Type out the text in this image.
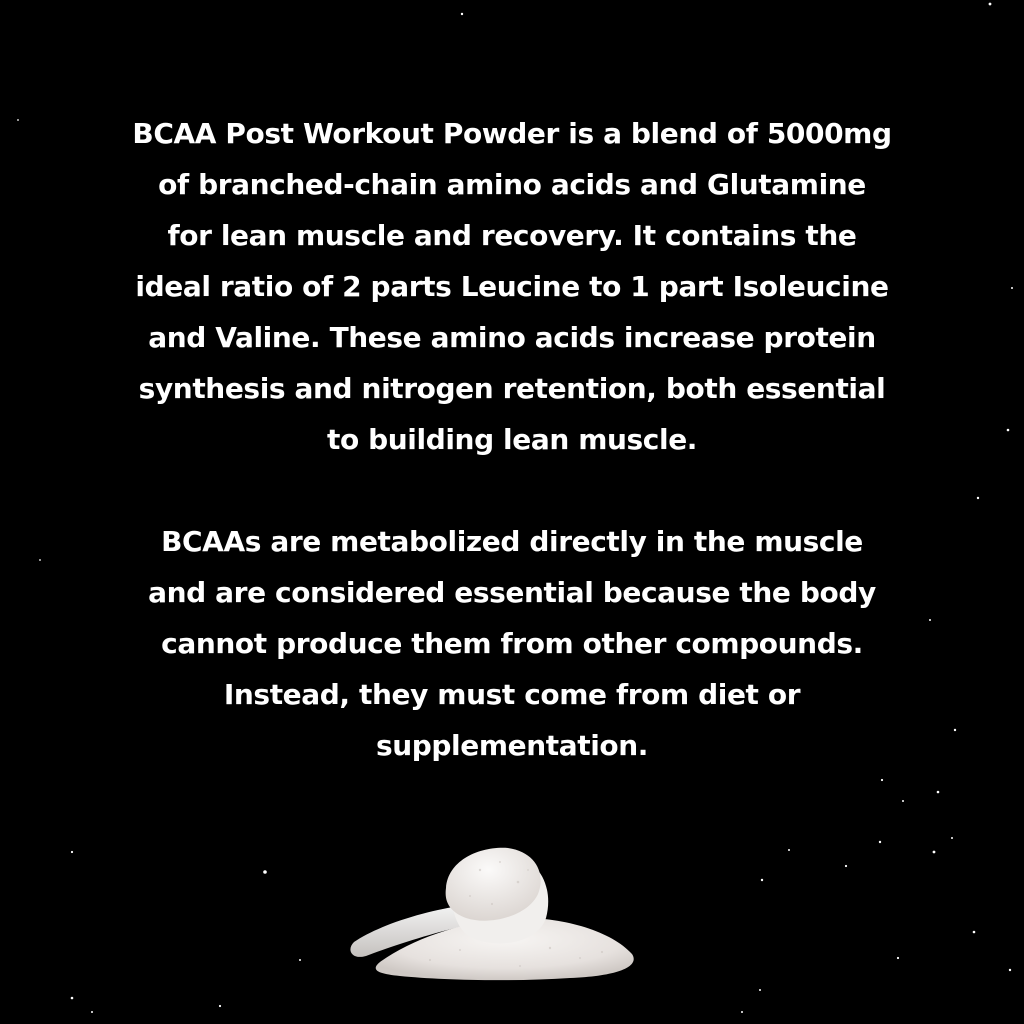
BCAA Post Workout Powder is a blend of 5000mg
of branched-chain amino acids and Glutamine
for lean muscle and recovery. It contains the
ideal ratio of 2 parts Leucine to 1 part Isoleucine
and Valine. These amino acids increase protein
synthesis and nitrogen retention, both essential
to building lean muscle.

BCAAs are metabolized directly in the muscle
and are considered essential because the body
cannot produce them from other compounds.
Instead, they must come from diet or
supplementation.
